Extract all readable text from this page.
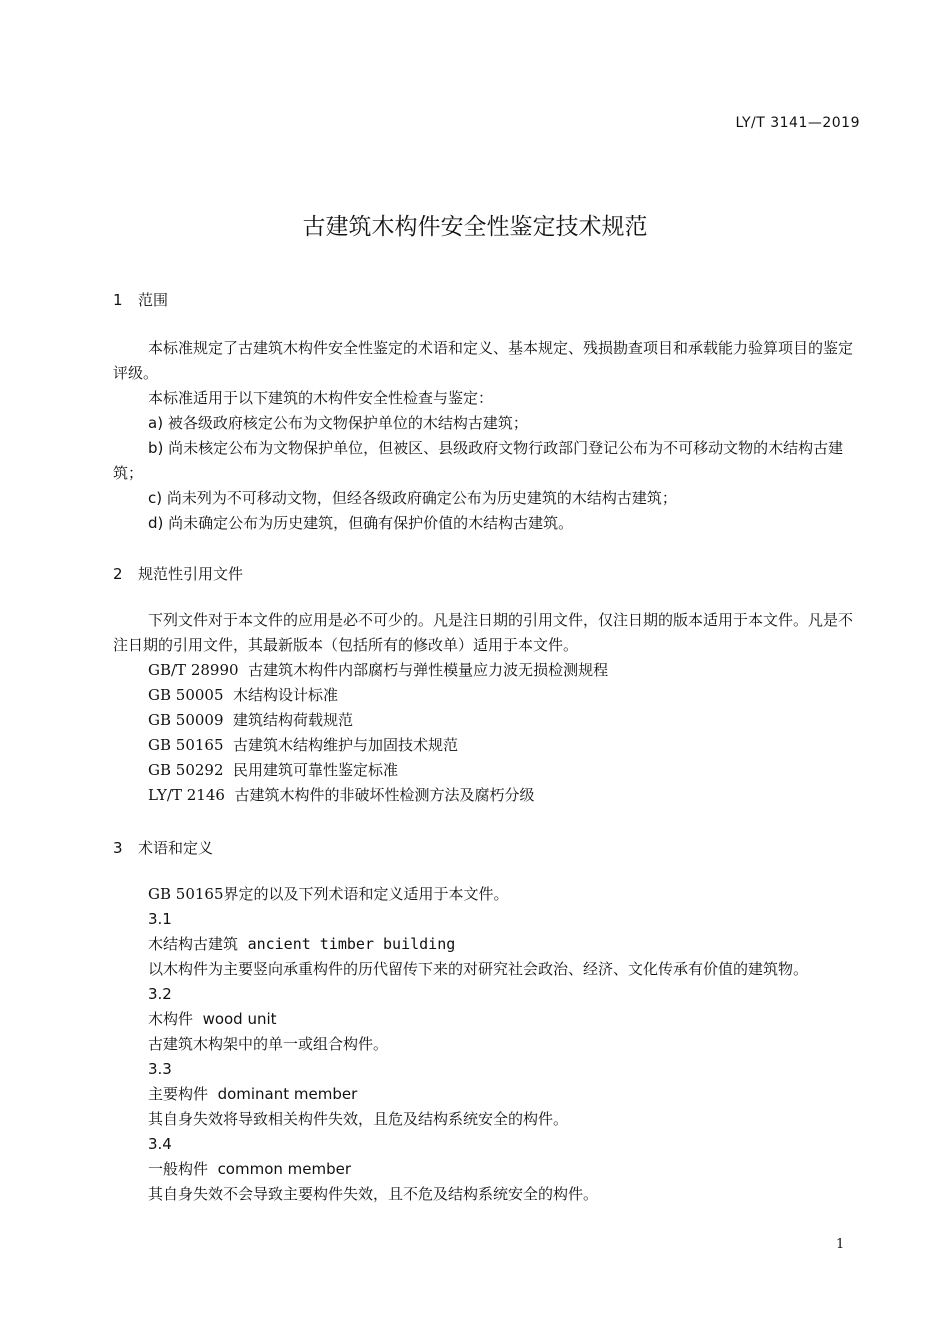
LY/T 3141—2019
古建筑木构件安全性鉴定技术规范
1 范围

本标准规定了古建筑木构件安全性鉴定的术语和定义、基本规定、残损勘查项目和承载能力验算项目的鉴定评级。

本标准适用于以下建筑的木构件安全性检查与鉴定：

a) 被各级政府核定公布为文物保护单位的木结构古建筑；

b) 尚未核定公布为文物保护单位，但被区、县级政府文物行政部门登记公布为不可移动文物的木结构古建筑；

c) 尚未列为不可移动文物，但经各级政府确定公布为历史建筑的木结构古建筑；

d) 尚未确定公布为历史建筑，但确有保护价值的木结构古建筑。

2 规范性引用文件

下列文件对于本文件的应用是必不可少的。凡是注日期的引用文件，仅注日期的版本适用于本文件。凡是不注日期的引用文件，其最新版本（包括所有的修改单）适用于本文件。

GB/T 28990 古建筑木构件内部腐朽与弹性模量应力波无损检测规程

GB 50005 木结构设计标准

GB 50009 建筑结构荷载规范

GB 50165 古建筑木结构维护与加固技术规范

GB 50292 民用建筑可靠性鉴定标准

LY/T 2146 古建筑木构件的非破坏性检测方法及腐朽分级

3 术语和定义

GB 50165界定的以及下列术语和定义适用于本文件。

3.1

木结构古建筑 ancient timber building

以木构件为主要竖向承重构件的历代留传下来的对研究社会政治、经济、文化传承有价值的建筑物。

3.2

木构件 wood unit

古建筑木构架中的单一或组合构件。

3.3

主要构件 dominant member

其自身失效将导致相关构件失效，且危及结构系统安全的构件。

3.4

一般构件 common member

其自身失效不会导致主要构件失效，且不危及结构系统安全的构件。

1
